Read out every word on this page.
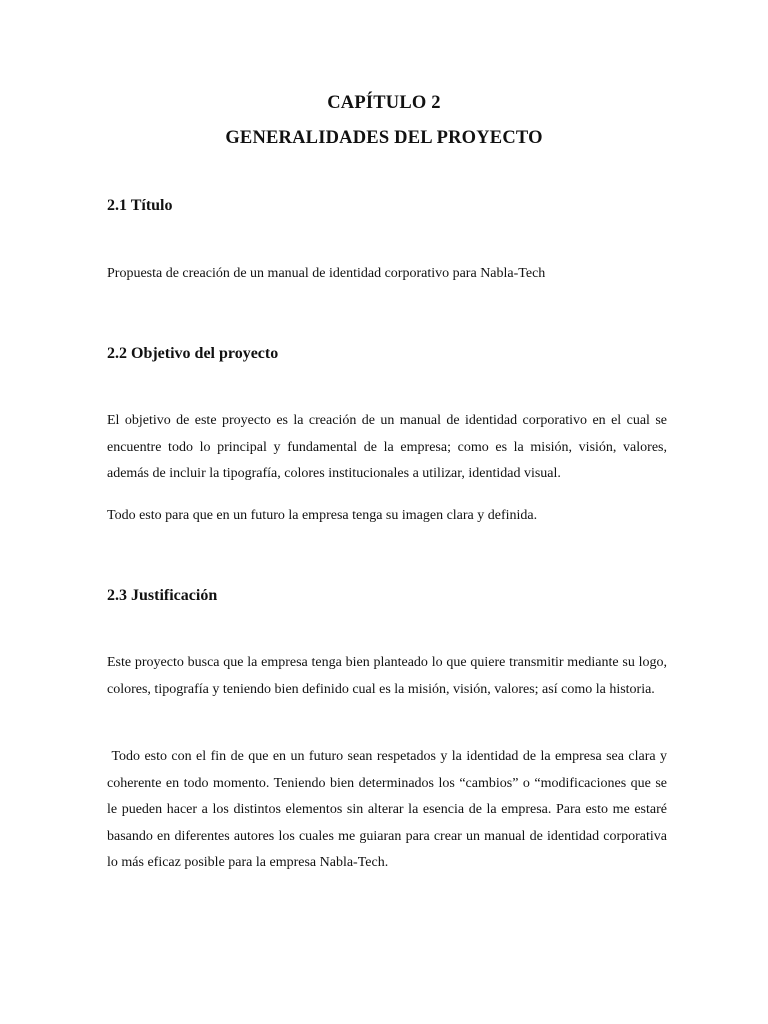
CAPÍTULO 2
GENERALIDADES DEL PROYECTO
2.1 Título

Propuesta de creación de un manual de identidad corporativo para Nabla-Tech

2.2 Objetivo del proyecto

El objetivo de este proyecto es la creación de un manual de identidad corporativo en el cual se encuentre todo lo principal y fundamental de la empresa; como es la misión, visión, valores, además de incluir la tipografía, colores institucionales a utilizar, identidad visual.

Todo esto para que en un futuro la empresa tenga su imagen clara y definida.

2.3 Justificación

Este proyecto busca que la empresa tenga bien planteado lo que quiere transmitir mediante su logo, colores, tipografía y teniendo bien definido cual es la misión, visión, valores; así como la historia.

Todo esto con el fin de que en un futuro sean respetados y la identidad de la empresa sea clara y coherente en todo momento. Teniendo bien determinados los “cambios” o “modificaciones que se le pueden hacer a los distintos elementos sin alterar la esencia de la empresa. Para esto me estaré basando en diferentes autores los cuales me guiaran para crear un manual de identidad corporativa lo más eficaz posible para la empresa Nabla-Tech.
